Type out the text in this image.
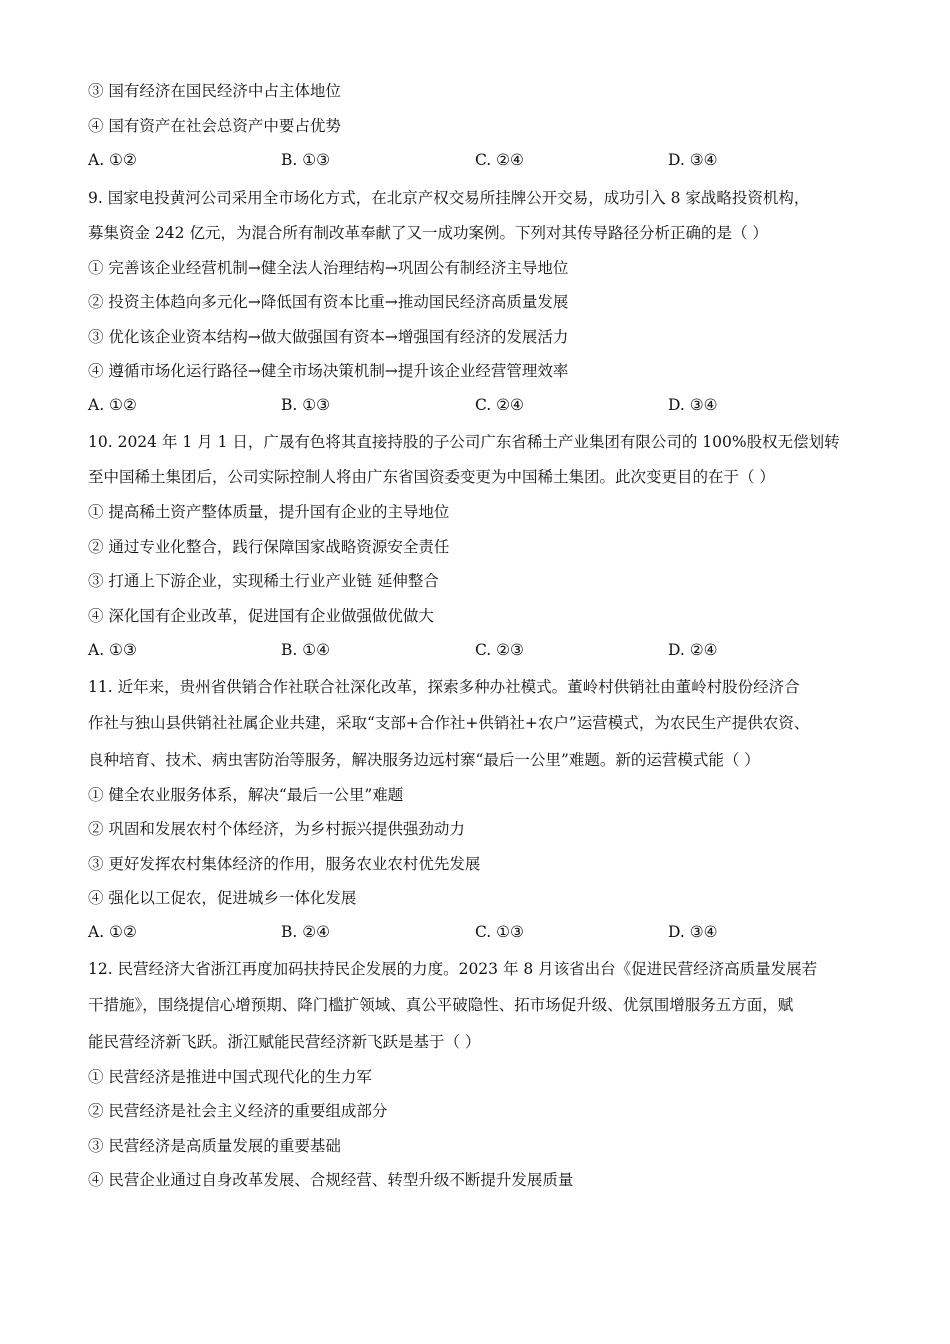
③ 国有经济在国民经济中占主体地位
④ 国有资产在社会总资产中要占优势
A. ①②	B. ①③	C. ②④	D. ③④
9. 国家电投黄河公司采用全市场化方式，在北京产权交易所挂牌公开交易，成功引入 8 家战略投资机构，
募集资金 242 亿元，为混合所有制改革奉献了又一成功案例。下列对其传导路径分析正确的是（ ）
① 完善该企业经营机制→健全法人治理结构→巩固公有制经济主导地位
② 投资主体趋向多元化→降低国有资本比重→推动国民经济高质量发展
③ 优化该企业资本结构→做大做强国有资本→增强国有经济的发展活力
④ 遵循市场化运行路径→健全市场决策机制→提升该企业经营管理效率
A. ①②	B. ①③	C. ②④	D. ③④
10. 2024 年 1 月 1 日，广晟有色将其直接持股的子公司广东省稀土产业集团有限公司的 100%股权无偿划转
至中国稀土集团后，公司实际控制人将由广东省国资委变更为中国稀土集团。此次变更目的在于（ ）
① 提高稀土资产整体质量，提升国有企业的主导地位
② 通过专业化整合，践行保障国家战略资源安全责任
③ 打通上下游企业，实现稀土行业产业链 延伸整合
④ 深化国有企业改革，促进国有企业做强做优做大
A. ①③	B. ①④	C. ②③	D. ②④
11. 近年来，贵州省供销合作社联合社深化改革，探索多种办社模式。董岭村供销社由董岭村股份经济合
作社与独山县供销社社属企业共建，采取“支部+合作社+供销社+农户”运营模式，为农民生产提供农资、
良种培育、技术、病虫害防治等服务，解决服务边远村寨“最后一公里”难题。新的运营模式能（ ）
① 健全农业服务体系，解决“最后一公里”难题
② 巩固和发展农村个体经济，为乡村振兴提供强劲动力
③ 更好发挥农村集体经济的作用，服务农业农村优先发展
④ 强化以工促农，促进城乡一体化发展
A. ①②	B. ②④	C. ①③	D. ③④
12. 民营经济大省浙江再度加码扶持民企发展的力度。2023 年 8 月该省出台《促进民营经济高质量发展若
干措施》，围绕提信心增预期、降门槛扩领域、真公平破隐性、拓市场促升级、优氛围增服务五方面，赋
能民营经济新飞跃。浙江赋能民营经济新飞跃是基于（ ）
① 民营经济是推进中国式现代化的生力军
② 民营经济是社会主义经济的重要组成部分
③ 民营经济是高质量发展的重要基础
④ 民营企业通过自身改革发展、合规经营、转型升级不断提升发展质量
